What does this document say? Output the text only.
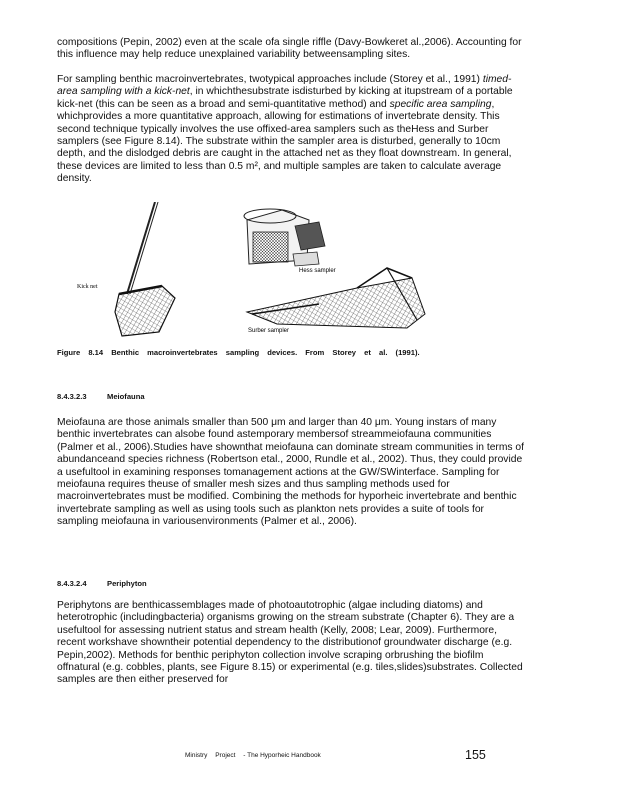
compositions (Pepin, 2002) even at the scale ofa single riffle (Davy-Bowkeret al.,2006). Accounting for this influence may help reduce unexplained variability betweensampling sites.

For sampling benthic macroinvertebrates, twotypical approaches include (Storey et al., 1991) timed-area sampling with a kick-net, in whichthesubstrate isdisturbed by kicking at itupstream of a portable kick-net (this can be seen as a broad and semi-quantitative method) and specific area sampling, whichprovides a more quantitative approach, allowing for estimations of invertebrate density. This second technique typically involves the use offixed-area samplers such as theHess and Surber samplers (see Figure 8.14). The substrate within the sampler area is disturbed, generally to 10cm depth, and the dislodged debris are caught in the attached net as they float downstream. In general, these devices are limited to less than 0.5 m², and multiple samples are taken to calculate average density.

Kick net
Hess sampler
Surber sampler

Figure 8.14 Benthic macroinvertebrates sampling devices. From Storey et al. (1991).

8.4.3.2.3	Meiofauna

Meiofauna are those animals smaller than 500 μm and larger than 40 μm. Young instars of many benthic invertebrates can alsobe found astemporary membersof streammeiofauna communities (Palmer et al., 2006).Studies have shownthat meiofauna can dominate stream communities in terms of abundanceand species richness (Robertson etal., 2000, Rundle et al., 2002). Thus, they could provide a usefultool in examining responses tomanagement actions at the GW/SWinterface. Sampling for meiofauna requires theuse of smaller mesh sizes and thus sampling methods used for macroinvertebrates must be modified. Combining the methods for hyporheic invertebrate and benthic invertebrate sampling as well as using tools such as plankton nets provides a suite of tools for sampling meiofauna in variousenvironments (Palmer et al., 2006).

8.4.3.2.4	Periphyton

Periphytons are benthicassemblages made of photoautotrophic (algae including diatoms) and heterotrophic (includingbacteria) organisms growing on the stream substrate (Chapter 6). They are a usefultool for assessing nutrient status and stream health (Kelly, 2008; Lear, 2009). Furthermore, recent workshave showntheir potential dependency to the distributionof groundwater discharge (e.g. Pepin,2002). Methods for benthic periphyton collection involve scraping orbrushing the biofilm offnatural (e.g. cobbles, plants, see Figure 8.15) or experimental (e.g. tiles,slides)substrates. Collected samples are then either preserved for

Ministry Project - The Hyporheic Handbook	155
